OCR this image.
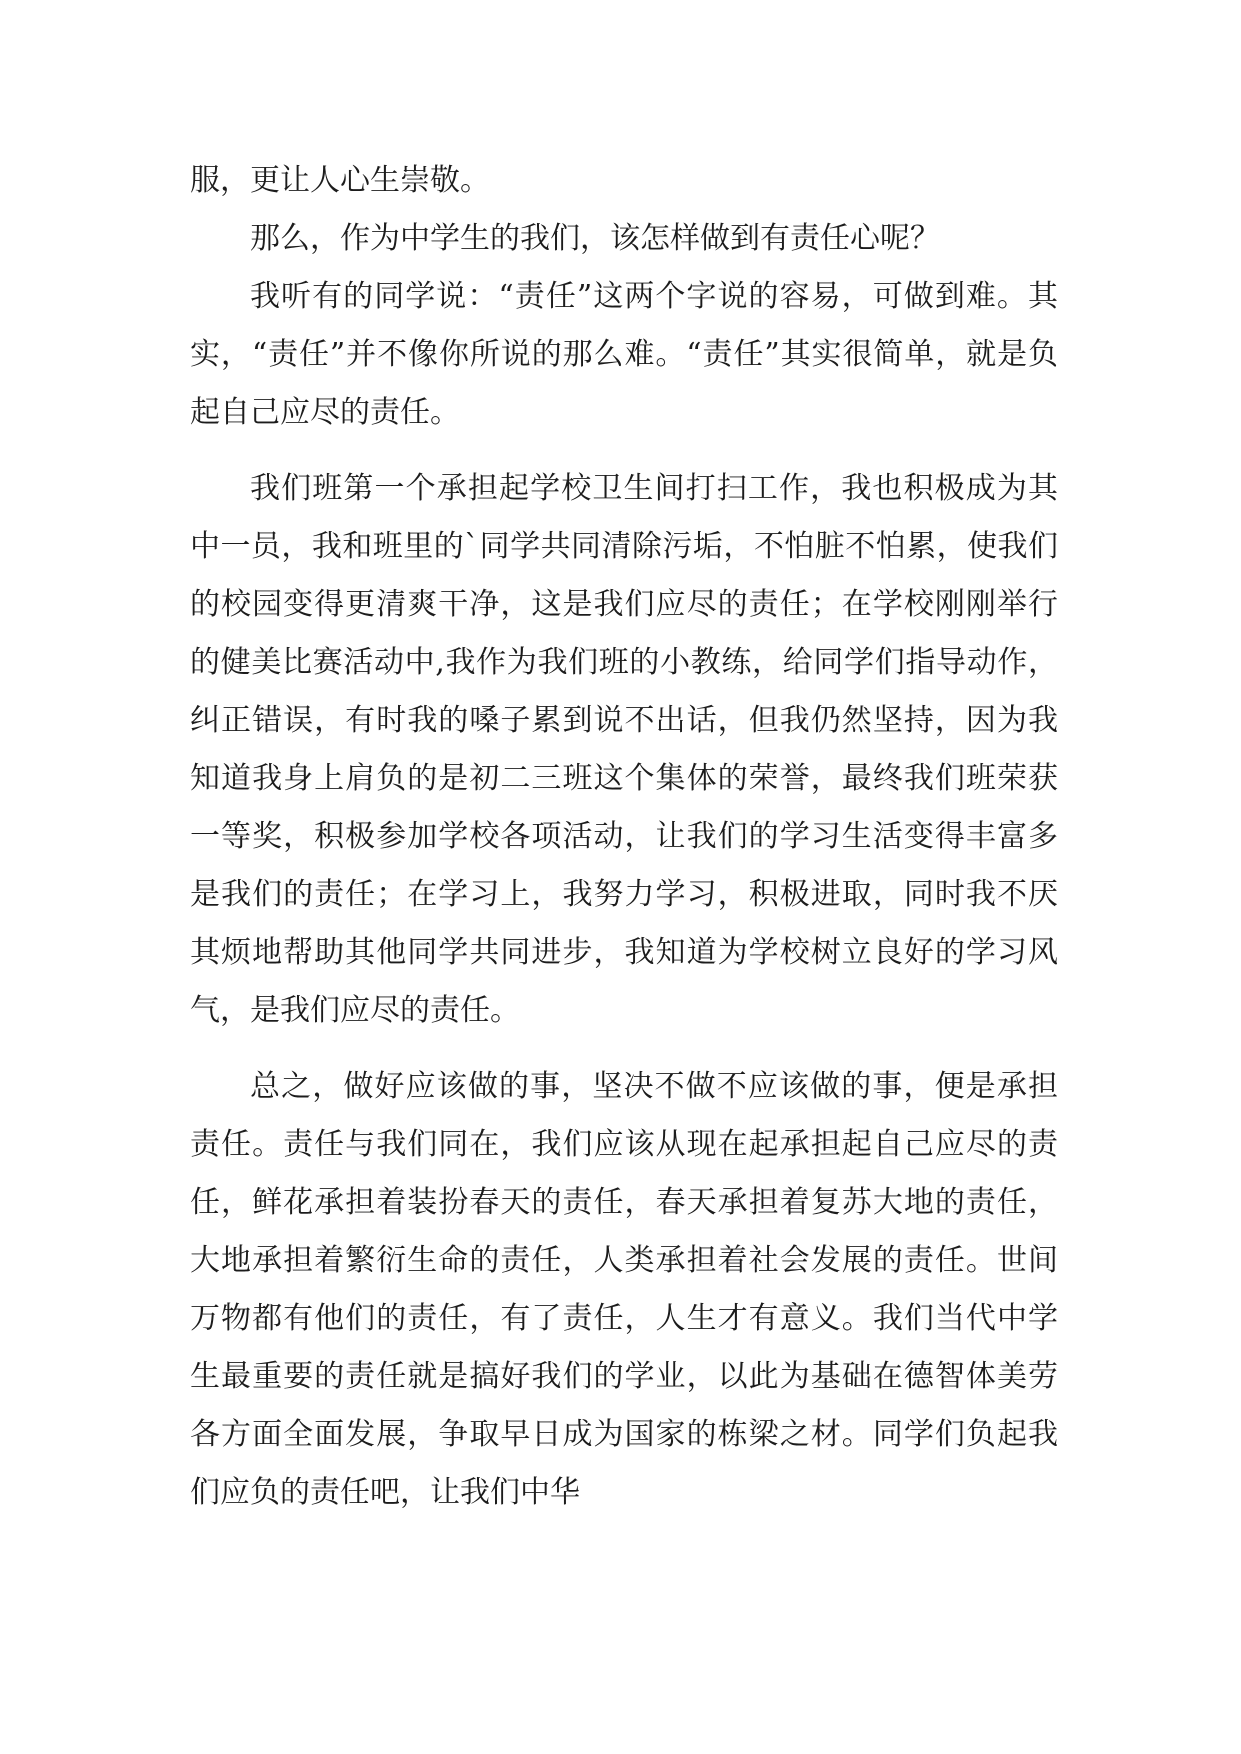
服，更让人心生崇敬。

那么，作为中学生的我们，该怎样做到有责任心呢？

我听有的同学说：“责任”这两个字说的容易，可做到难。其实，“责任”并不像你所说的那么难。“责任”其实很简单，就是负起自己应尽的责任。

我们班第一个承担起学校卫生间打扫工作，我也积极成为其中一员，我和班里的`同学共同清除污垢，不怕脏不怕累，使我们的校园变得更清爽干净，这是我们应尽的责任；在学校刚刚举行的健美比赛活动中,我作为我们班的小教练，给同学们指导动作，纠正错误，有时我的嗓子累到说不出话，但我仍然坚持，因为我知道我身上肩负的是初二三班这个集体的荣誉，最终我们班荣获一等奖，积极参加学校各项活动，让我们的学习生活变得丰富多是我们的责任；在学习上，我努力学习，积极进取，同时我不厌其烦地帮助其他同学共同进步，我知道为学校树立良好的学习风气，是我们应尽的责任。

总之，做好应该做的事，坚决不做不应该做的事，便是承担责任。责任与我们同在，我们应该从现在起承担起自己应尽的责任，鲜花承担着装扮春天的责任，春天承担着复苏大地的责任，大地承担着繁衍生命的责任，人类承担着社会发展的责任。世间万物都有他们的责任，有了责任，人生才有意义。我们当代中学生最重要的责任就是搞好我们的学业，以此为基础在德智体美劳各方面全面发展，争取早日成为国家的栋梁之材。同学们负起我们应负的责任吧，让我们中华
